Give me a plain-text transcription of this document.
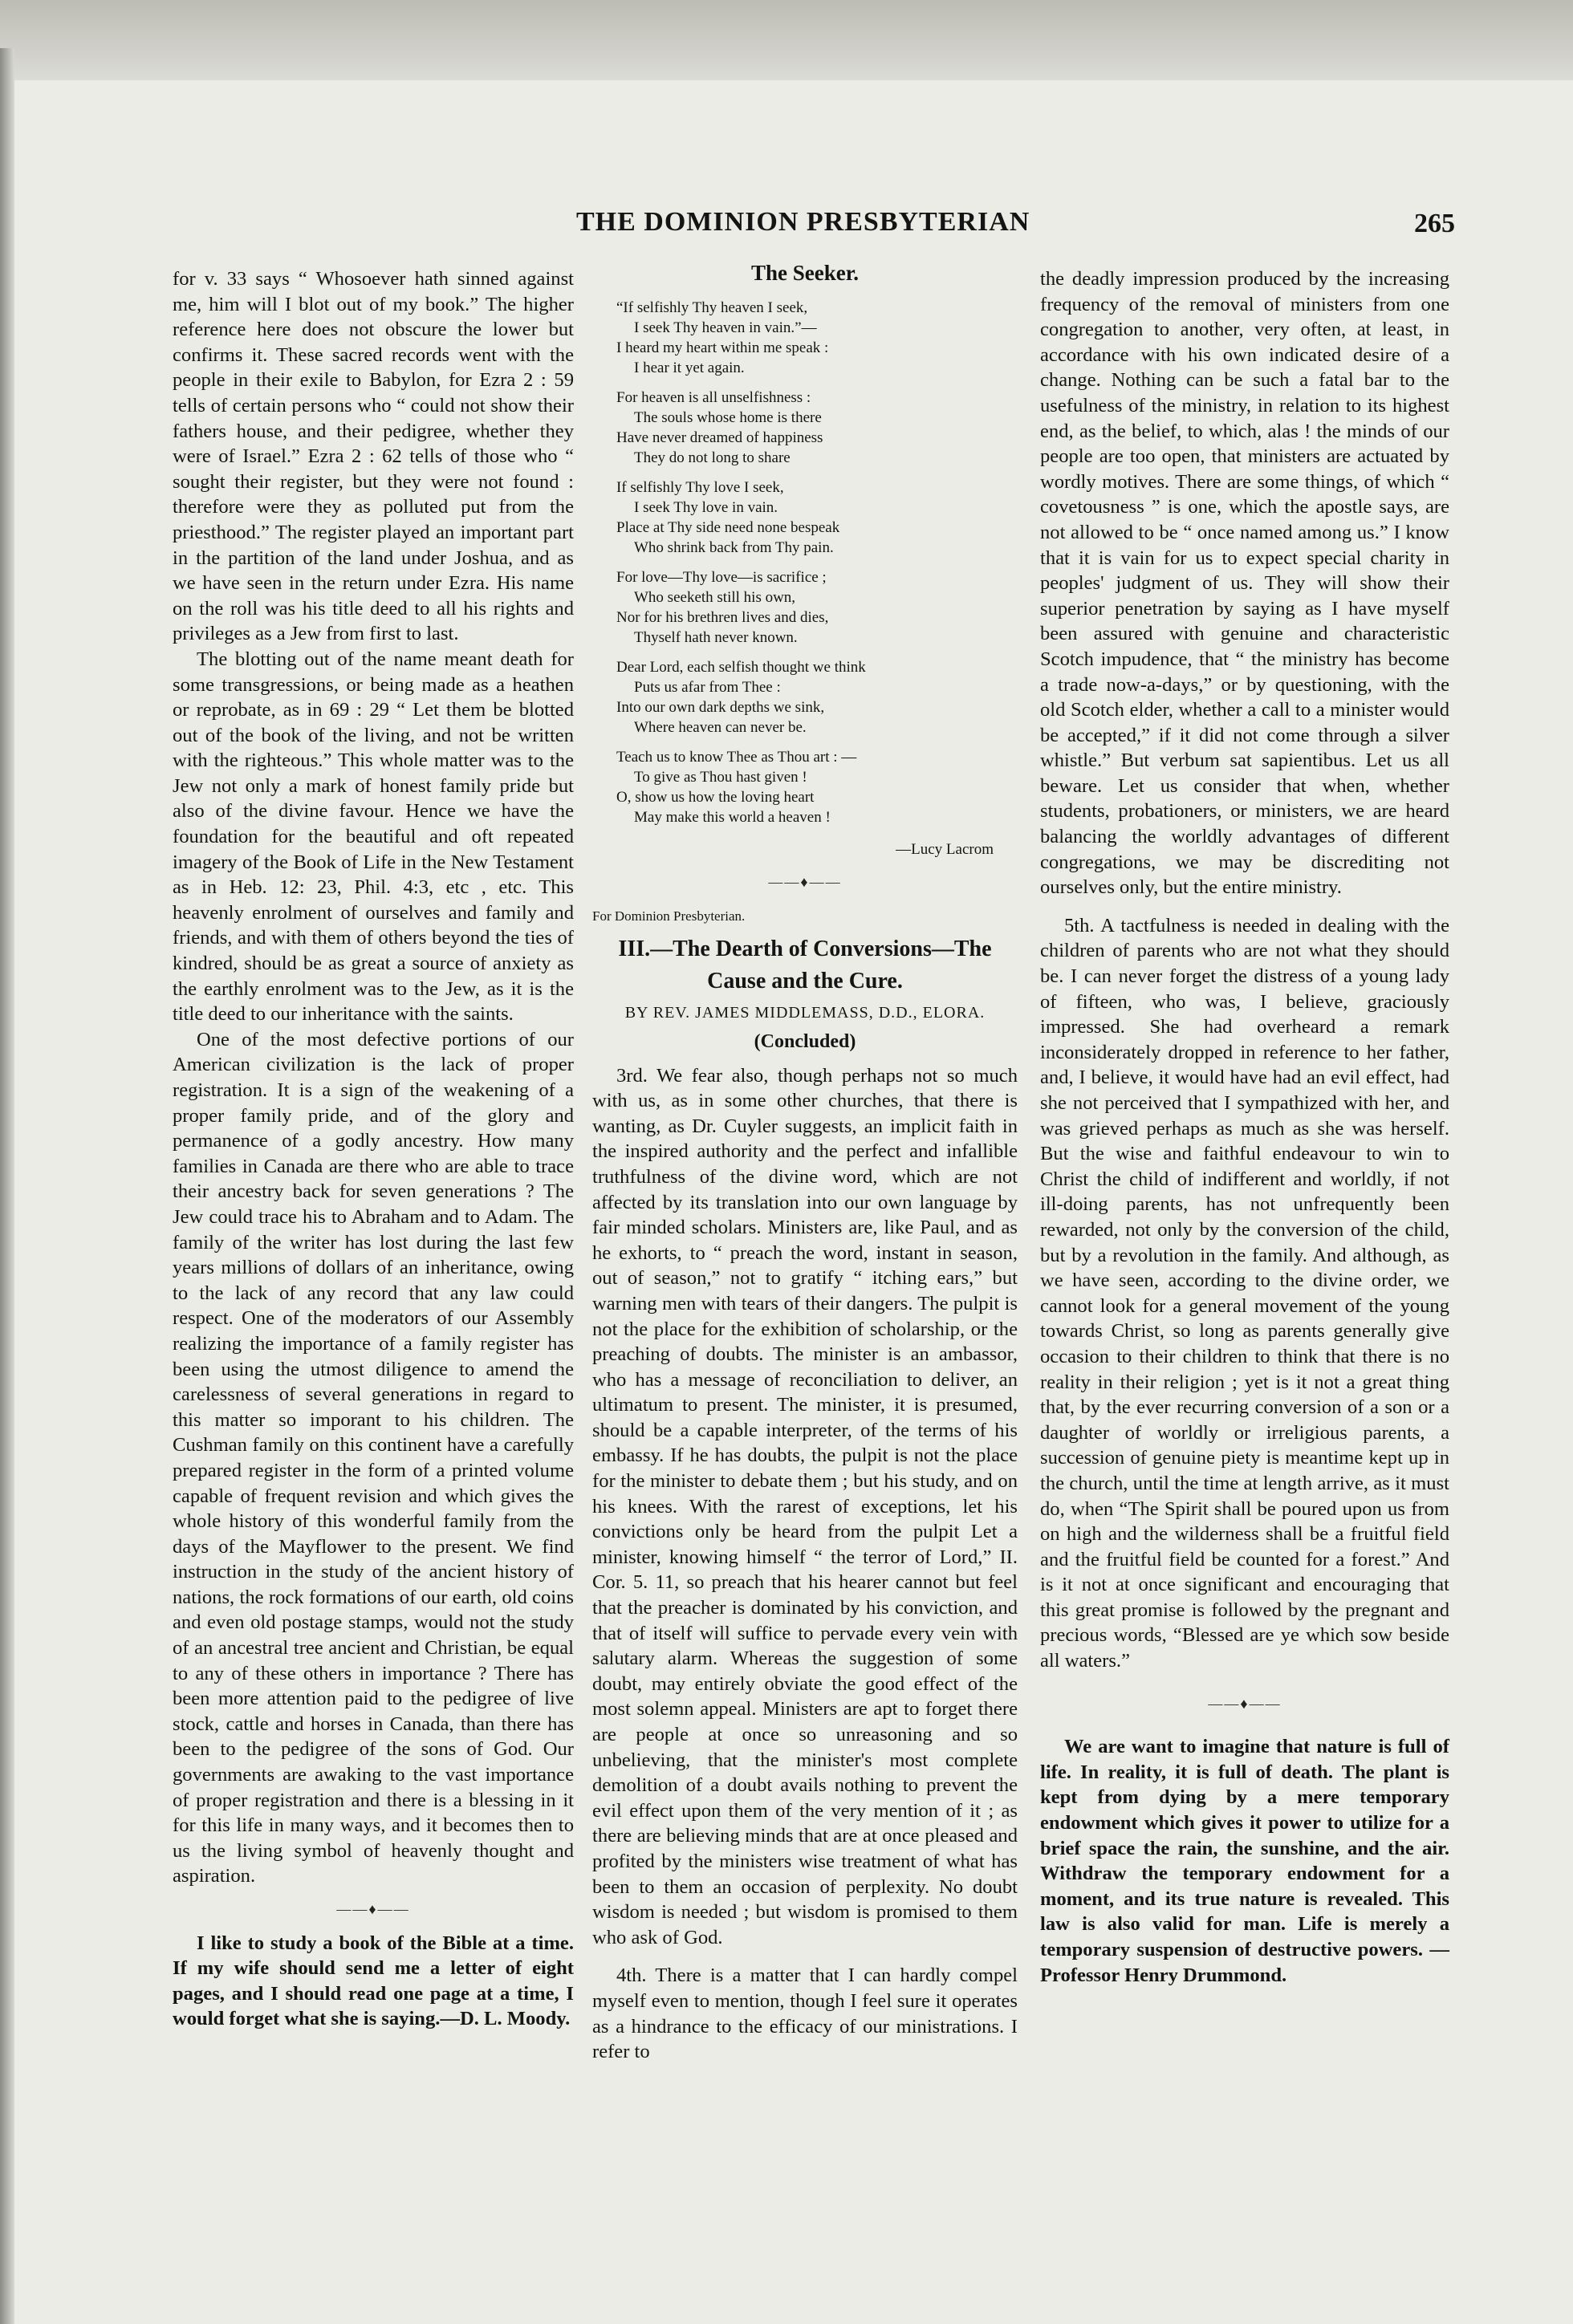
THE DOMINION PRESBYTERIAN	265

for v. 33 says “ Whosoever hath sinned against me, him will I blot out of my book.” The higher reference here does not obscure the lower but confirms it. These sacred records went with the people in their exile to Babylon, for Ezra 2 : 59 tells of certain persons who “ could not show their fathers house, and their pedigree, whether they were of Israel.” Ezra 2 : 62 tells of those who “ sought their register, but they were not found : therefore were they as polluted put from the priesthood.” The register played an important part in the partition of the land under Joshua, and as we have seen in the return under Ezra. His name on the roll was his title deed to all his rights and privileges as a Jew from first to last.

The blotting out of the name meant death for some transgressions, or being made as a heathen or reprobate, as in 69 : 29 “ Let them be blotted out of the book of the living, and not be written with the righteous.” This whole matter was to the Jew not only a mark of honest family pride but also of the divine favour. Hence we have the foundation for the beautiful and oft repeated imagery of the Book of Life in the New Testament as in Heb. 12: 23, Phil. 4:3, etc , etc. This heavenly enrolment of ourselves and family and friends, and with them of others beyond the ties of kindred, should be as great a source of anxiety as the earthly enrolment was to the Jew, as it is the title deed to our inheritance with the saints.

One of the most defective portions of our American civilization is the lack of proper registration. It is a sign of the weakening of a proper family pride, and of the glory and permanence of a godly ancestry. How many families in Canada are there who are able to trace their ancestry back for seven generations ? The Jew could trace his to Abraham and to Adam. The family of the writer has lost during the last few years millions of dollars of an inheritance, owing to the lack of any record that any law could respect. One of the moderators of our Assembly realizing the importance of a family register has been using the utmost diligence to amend the carelessness of several generations in regard to this matter so imporant to his children. The Cushman family on this continent have a carefully prepared register in the form of a printed volume capable of frequent revision and which gives the whole history of this wonderful family from the days of the Mayflower to the present. We find instruction in the study of the ancient history of nations, the rock formations of our earth, old coins and even old postage stamps, would not the study of an ancestral tree ancient and Christian, be equal to any of these others in importance ? There has been more attention paid to the pedigree of live stock, cattle and horses in Canada, than there has been to the pedigree of the sons of God. Our governments are awaking to the vast importance of proper registration and there is a blessing in it for this life in many ways, and it becomes then to us the living symbol of heavenly thought and aspiration.

——♦——

I like to study a book of the Bible at a time. If my wife should send me a letter of eight pages, and I should read one page at a time, I would forget what she is saying.—D. L. Moody.

The Seeker.
“If selfishly Thy heaven I seek,
I seek Thy heaven in vain.”—
I heard my heart within me speak :
I hear it yet again.
For heaven is all unselfishness :
The souls whose home is there
Have never dreamed of happiness
They do not long to share
If selfishly Thy love I seek,
I seek Thy love in vain.
Place at Thy side need none bespeak
Who shrink back from Thy pain.
For love—Thy love—is sacrifice ;
Who seeketh still his own,
Nor for his brethren lives and dies,
Thyself hath never known.
Dear Lord, each selfish thought we think
Puts us afar from Thee :
Into our own dark depths we sink,
Where heaven can never be.
Teach us to know Thee as Thou art : —
To give as Thou hast given !
O, show us how the loving heart
May make this world a heaven !
—Lucy Lacrom
——♦——
For Dominion Presbyterian.
III.—The Dearth of Conversions—The Cause and the Cure.
BY REV. JAMES MIDDLEMASS, D.D., ELORA.
(Concluded)

3rd. We fear also, though perhaps not so much with us, as in some other churches, that there is wanting, as Dr. Cuyler suggests, an implicit faith in the inspired authority and the perfect and infallible truthfulness of the divine word, which are not affected by its translation into our own language by fair minded scholars. Ministers are, like Paul, and as he exhorts, to “ preach the word, instant in season, out of season,” not to gratify “ itching ears,” but warning men with tears of their dangers. The pulpit is not the place for the exhibition of scholarship, or the preaching of doubts. The minister is an ambassor, who has a message of reconciliation to deliver, an ultimatum to present. The minister, it is presumed, should be a capable interpreter, of the terms of his embassy. If he has doubts, the pulpit is not the place for the minister to debate them ; but his study, and on his knees. With the rarest of exceptions, let his convictions only be heard from the pulpit Let a minister, knowing himself “ the terror of Lord,” II. Cor. 5. 11, so preach that his hearer cannot but feel that the preacher is dominated by his conviction, and that of itself will suffice to pervade every vein with salutary alarm. Whereas the suggestion of some doubt, may entirely obviate the good effect of the most solemn appeal. Ministers are apt to forget there are people at once so unreasoning and so unbelieving, that the minister's most complete demolition of a doubt avails nothing to prevent the evil effect upon them of the very mention of it ; as there are believing minds that are at once pleased and profited by the ministers wise treatment of what has been to them an occasion of perplexity. No doubt wisdom is needed ; but wisdom is promised to them who ask of God.

4th. There is a matter that I can hardly compel myself even to mention, though I feel sure it operates as a hindrance to the efficacy of our ministrations. I refer to

the deadly impression produced by the increasing frequency of the removal of ministers from one congregation to another, very often, at least, in accordance with his own indicated desire of a change. Nothing can be such a fatal bar to the usefulness of the ministry, in relation to its highest end, as the belief, to which, alas ! the minds of our people are too open, that ministers are actuated by wordly motives. There are some things, of which “ covetousness ” is one, which the apostle says, are not allowed to be “ once named among us.” I know that it is vain for us to expect special charity in peoples' judgment of us. They will show their superior penetration by saying as I have myself been assured with genuine and characteristic Scotch impudence, that “ the ministry has become a trade now-a-days,” or by questioning, with the old Scotch elder, whether a call to a minister would be accepted,” if it did not come through a silver whistle.” But verbum sat sapientibus. Let us all beware. Let us consider that when, whether students, probationers, or ministers, we are heard balancing the worldly advantages of different congregations, we may be discrediting not ourselves only, but the entire ministry.

5th. A tactfulness is needed in dealing with the children of parents who are not what they should be. I can never forget the distress of a young lady of fifteen, who was, I believe, graciously impressed. She had overheard a remark inconsiderately dropped in reference to her father, and, I believe, it would have had an evil effect, had she not perceived that I sympathized with her, and was grieved perhaps as much as she was herself. But the wise and faithful endeavour to win to Christ the child of indifferent and worldly, if not ill-doing parents, has not unfrequently been rewarded, not only by the conversion of the child, but by a revolution in the family. And although, as we have seen, according to the divine order, we cannot look for a general movement of the young towards Christ, so long as parents generally give occasion to their children to think that there is no reality in their religion ; yet is it not a great thing that, by the ever recurring conversion of a son or a daughter of worldly or irreligious parents, a succession of genuine piety is meantime kept up in the church, until the time at length arrive, as it must do, when “The Spirit shall be poured upon us from on high and the wilderness shall be a fruitful field and the fruitful field be counted for a forest.” And is it not at once significant and encouraging that this great promise is followed by the pregnant and precious words, “Blessed are ye which sow beside all waters.”

——♦——

We are want to imagine that nature is full of life. In reality, it is full of death. The plant is kept from dying by a mere temporary endowment which gives it power to utilize for a brief space the rain, the sunshine, and the air. Withdraw the temporary endowment for a moment, and its true nature is revealed. This law is also valid for man. Life is merely a temporary suspension of destructive powers. —Professor Henry Drummond.
